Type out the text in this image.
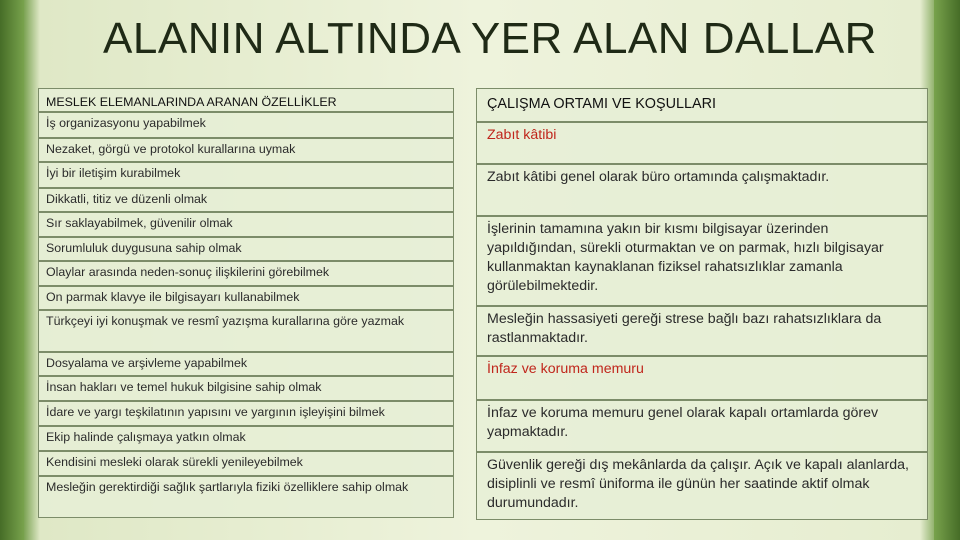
ALANIN ALTINDA YER ALAN DALLAR
MESLEK ELEMANLARINDA ARANAN ÖZELLİKLER
İş organizasyonu yapabilmek
Nezaket, görgü ve protokol kurallarına uymak
İyi bir iletişim kurabilmek
Dikkatli, titiz ve düzenli olmak
Sır saklayabilmek, güvenilir olmak
Sorumluluk duygusuna sahip olmak
Olaylar arasında neden-sonuç ilişkilerini görebilmek
On parmak klavye ile bilgisayarı kullanabilmek
Türkçeyi iyi konuşmak ve resmî yazışma kurallarına göre yazmak
Dosyalama ve arşivleme yapabilmek
İnsan hakları ve temel hukuk bilgisine sahip olmak
İdare ve yargı teşkilatının yapısını ve yargının işleyişini bilmek
Ekip halinde çalışmaya yatkın olmak
Kendisini mesleki olarak sürekli yenileyebilmek
Mesleğin gerektirdiği sağlık şartlarıyla fiziki özelliklere sahip olmak
ÇALIŞMA ORTAMI VE KOŞULLARI
Zabıt kâtibi
Zabıt kâtibi genel olarak büro ortamında çalışmaktadır.
İşlerinin tamamına yakın bir kısmı bilgisayar üzerinden yapıldığından, sürekli oturmaktan ve on parmak, hızlı bilgisayar kullanmaktan kaynaklanan fiziksel rahatsızlıklar zamanla görülebilmektedir.
Mesleğin hassasiyeti gereği strese bağlı bazı rahatsızlıklara da rastlanmaktadır.
İnfaz ve koruma memuru
İnfaz ve koruma memuru genel olarak kapalı ortamlarda görev yapmaktadır.
Güvenlik gereği dış mekânlarda da çalışır. Açık ve kapalı alanlarda, disiplinli ve resmî üniforma ile günün her saatinde aktif olmak durumundadır.
